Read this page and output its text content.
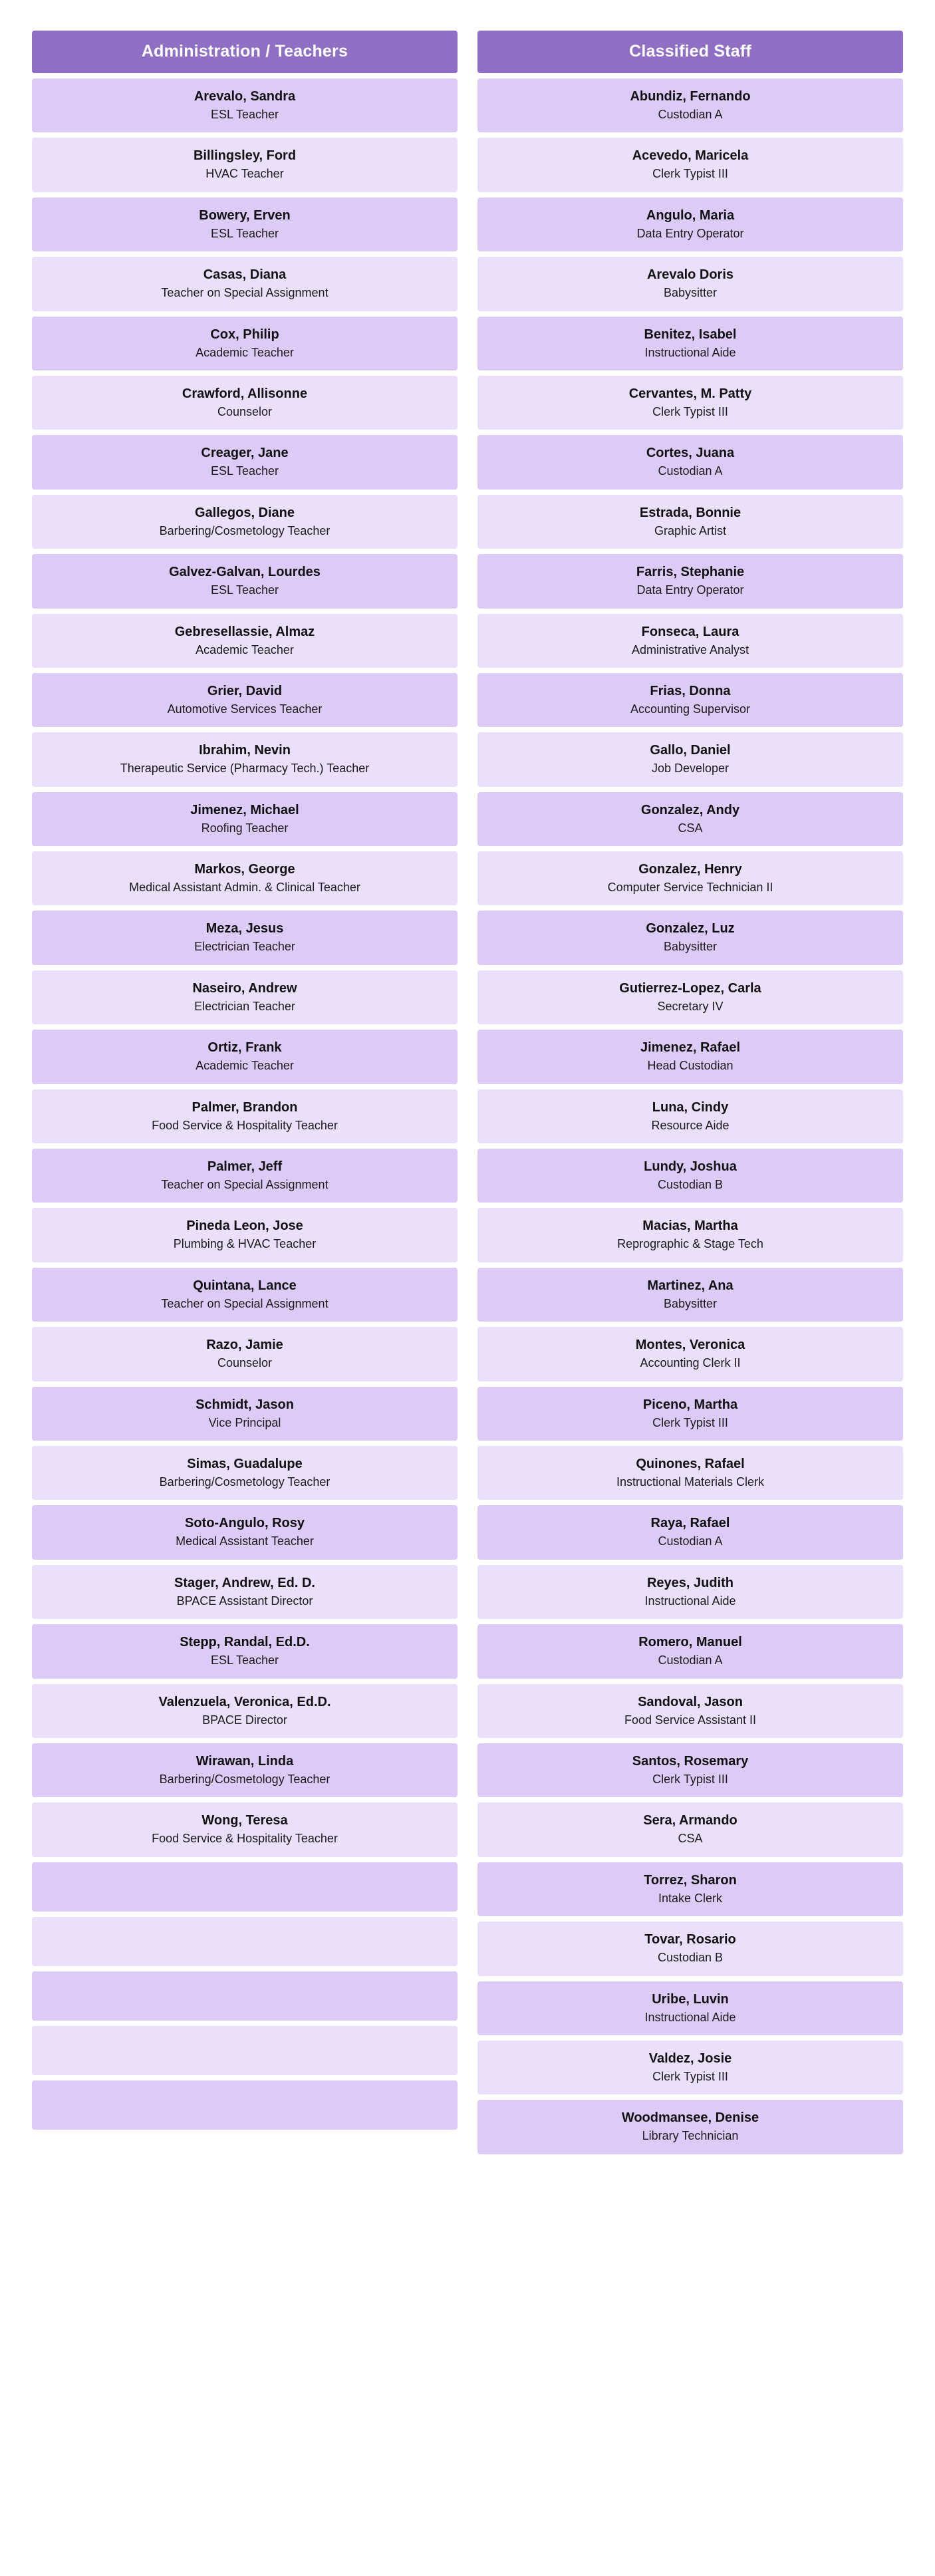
Administration / Teachers
Arevalo, Sandra
ESL Teacher
Billingsley, Ford
HVAC Teacher
Bowery, Erven
ESL Teacher
Casas, Diana
Teacher on Special Assignment
Cox, Philip
Academic Teacher
Crawford, Allisonne
Counselor
Creager, Jane
ESL Teacher
Gallegos, Diane
Barbering/Cosmetology Teacher
Galvez-Galvan, Lourdes
ESL Teacher
Gebresellassie, Almaz
Academic Teacher
Grier, David
Automotive Services Teacher
Ibrahim, Nevin
Therapeutic Service (Pharmacy Tech.) Teacher
Jimenez, Michael
Roofing Teacher
Markos, George
Medical Assistant Admin. & Clinical Teacher
Meza, Jesus
Electrician Teacher
Naseiro, Andrew
Electrician Teacher
Ortiz, Frank
Academic Teacher
Palmer, Brandon
Food Service & Hospitality Teacher
Palmer, Jeff
Teacher on Special Assignment
Pineda Leon, Jose
Plumbing & HVAC Teacher
Quintana, Lance
Teacher on Special Assignment
Razo, Jamie
Counselor
Schmidt, Jason
Vice Principal
Simas, Guadalupe
Barbering/Cosmetology Teacher
Soto-Angulo, Rosy
Medical Assistant Teacher
Stager, Andrew, Ed. D.
BPACE Assistant Director
Stepp, Randal, Ed.D.
ESL Teacher
Valenzuela, Veronica, Ed.D.
BPACE Director
Wirawan, Linda
Barbering/Cosmetology Teacher
Wong, Teresa
Food Service & Hospitality Teacher
Classified Staff
Abundiz, Fernando
Custodian A
Acevedo, Maricela
Clerk Typist III
Angulo, Maria
Data Entry Operator
Arevalo Doris
Babysitter
Benitez, Isabel
Instructional Aide
Cervantes, M. Patty
Clerk Typist III
Cortes, Juana
Custodian A
Estrada, Bonnie
Graphic Artist
Farris, Stephanie
Data Entry Operator
Fonseca, Laura
Administrative Analyst
Frias, Donna
Accounting Supervisor
Gallo, Daniel
Job Developer
Gonzalez, Andy
CSA
Gonzalez, Henry
Computer Service Technician II
Gonzalez, Luz
Babysitter
Gutierrez-Lopez, Carla
Secretary IV
Jimenez, Rafael
Head Custodian
Luna, Cindy
Resource Aide
Lundy, Joshua
Custodian B
Macias, Martha
Reprographic & Stage Tech
Martinez, Ana
Babysitter
Montes, Veronica
Accounting Clerk II
Piceno, Martha
Clerk Typist III
Quinones, Rafael
Instructional Materials Clerk
Raya, Rafael
Custodian A
Reyes, Judith
Instructional Aide
Romero, Manuel
Custodian A
Sandoval, Jason
Food Service Assistant II
Santos, Rosemary
Clerk Typist III
Sera, Armando
CSA
Torrez, Sharon
Intake Clerk
Tovar, Rosario
Custodian B
Uribe, Luvin
Instructional Aide
Valdez, Josie
Clerk Typist III
Woodmansee, Denise
Library Technician
